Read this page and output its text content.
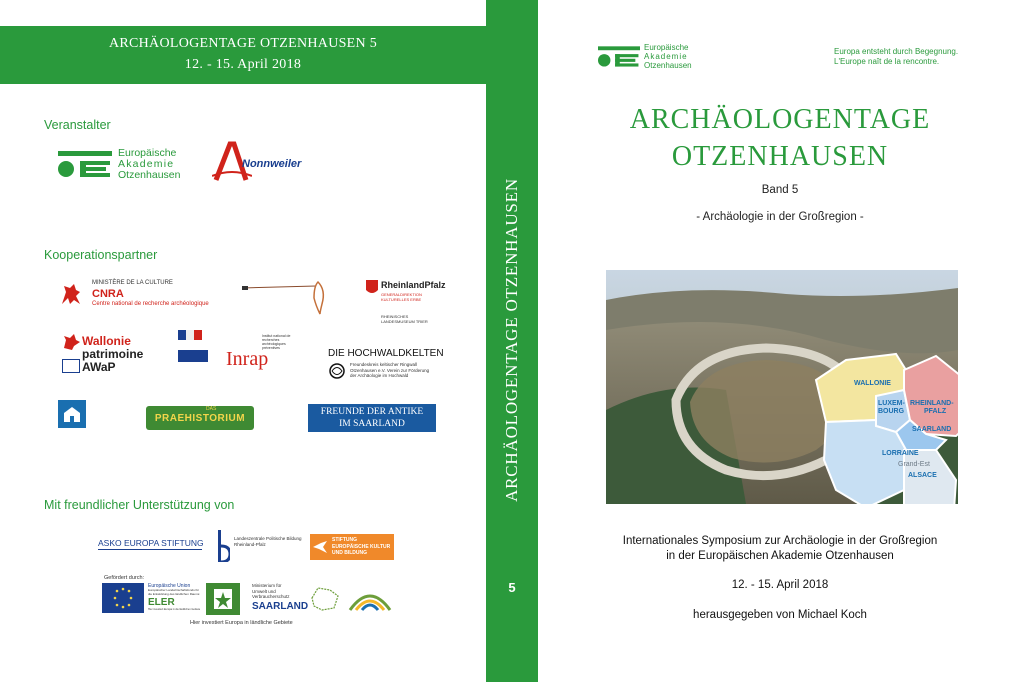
ARCHÄOLOGENTAGE OTZENHAUSEN 5
12. - 15. April 2018
Veranstalter
Europäische
Akademie
Otzenhausen
Nonnweiler
Kooperationspartner
MINISTÈRE DE LA CULTURE
CNRA
Centre national de recherche archéologique
RheinlandPfalz
GENERALDIREKTION KULTURELLES ERBE
RHEINISCHES LANDESMUSEUM TRIER
Wallonie
patrimoine
AWaP	Inrap
Institut national de recherches archéologiques préventives	DIE HOCHWALDKELTEN
Freundeskreis keltischer Ringwall Otzenhausen e.V. Verein zur Förderung der Archäologie im Hochwald
DAS
PRAEHISTORIUM
FREUNDE DER ANTIKE
IM SAARLAND
Mit freundlicher Unterstützung von
ASKO EUROPA STIFTUNG	Landeszentrale Politische Bildung
Rheinland-Pfalz
STIFTUNG
EUROPÄISCHE KULTUR
UND BILDUNG
Gefördert durch:
Europäische Union
Europäischer Landwirtschaftsfonds für die Entwicklung des ländlichen Raums:
ELER
Hier investiert Europa in die ländlichen Gebiete
Ministerium für
Umwelt und
Verbraucherschutz
SAARLAND
Hier investiert Europa in ländliche Gebiete
ARCHÄOLOGENTAGE OTZENHAUSEN
5
Europäische
Akademie
Otzenhausen
Europa entsteht durch Begegnung.
L'Europe naît de la rencontre.
ARCHÄOLOGENTAGE
OTZENHAUSEN
Band 5
- Archäologie in der Großregion -
WALLONIE
LUXEM-
BOURG
RHEINLAND-
PFALZ
SAARLAND
LORRAINE
Grand-Est
ALSACE
Internationales Symposium zur Archäologie in der Großregion
in der Europäischen Akademie Otzenhausen
12. - 15. April 2018
herausgegeben von Michael Koch
